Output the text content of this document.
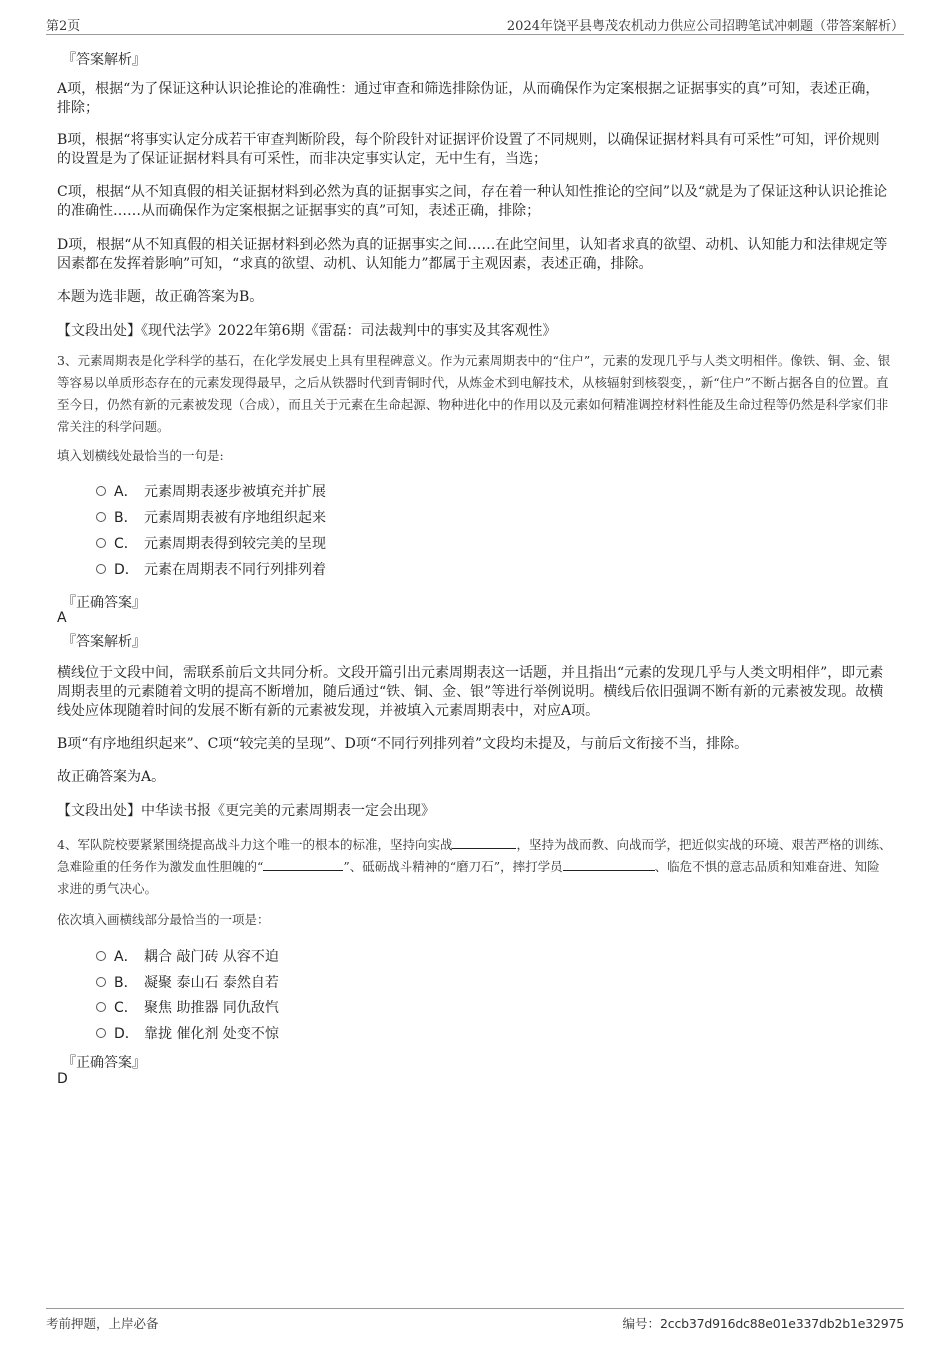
第2页	2024年饶平县粤茂农机动力供应公司招聘笔试冲刺题（带答案解析）
『答案解析』
A项，根据“为了保证这种认识论推论的准确性：通过审查和筛选排除伪证，从而确保作为定案根据之证据事实的真”可知，表述正确，排除；
B项，根据“将事实认定分成若干审查判断阶段，每个阶段针对证据评价设置了不同规则，以确保证据材料具有可采性”可知，评价规则的设置是为了保证证据材料具有可采性，而非决定事实认定，无中生有，当选；
C项，根据“从不知真假的相关证据材料到必然为真的证据事实之间，存在着一种认知性推论的空间”以及“就是为了保证这种认识论推论的准确性……从而确保作为定案根据之证据事实的真”可知，表述正确，排除；
D项，根据“从不知真假的相关证据材料到必然为真的证据事实之间……在此空间里，认知者求真的欲望、动机、认知能力和法律规定等因素都在发挥着影响”可知，“求真的欲望、动机、认知能力”都属于主观因素，表述正确，排除。
本题为选非题，故正确答案为B。
【文段出处】《现代法学》2022年第6期《雷磊：司法裁判中的事实及其客观性》
3、元素周期表是化学科学的基石，在化学发展史上具有里程碑意义。作为元素周期表中的“住户”，元素的发现几乎与人类文明相伴。像铁、铜、金、银等容易以单质形态存在的元素发现得最早，之后从铁器时代到青铜时代，从炼金术到电解技术，从核辐射到核裂变，，新“住户”不断占据各自的位置。直至今日，仍然有新的元素被发现（合成），而且关于元素在生命起源、物种进化中的作用以及元素如何精准调控材料性能及生命过程等仍然是科学家们非常关注的科学问题。
填入划横线处最恰当的一句是:
A． 元素周期表逐步被填充并扩展
B． 元素周期表被有序地组织起来
C． 元素周期表得到较完美的呈现
D． 元素在周期表不同行列排列着
『正确答案』
A
『答案解析』
横线位于文段中间，需联系前后文共同分析。文段开篇引出元素周期表这一话题，并且指出“元素的发现几乎与人类文明相伴”，即元素周期表里的元素随着文明的提高不断增加，随后通过“铁、铜、金、银”等进行举例说明。横线后依旧强调不断有新的元素被发现。故横线处应体现随着时间的发展不断有新的元素被发现，并被填入元素周期表中，对应A项。
B项“有序地组织起来”、C项“较完美的呈现”、D项“不同行列排列着”文段均未提及，与前后文衔接不当，排除。
故正确答案为A。
【文段出处】中华读书报《更完美的元素周期表一定会出现》
4、军队院校要紧紧围绕提高战斗力这个唯一的根本的标准，坚持向实战	，坚持为战而教、向战而学，把近似实战的环境、艰苦严格的训练、急难险重的任务作为激发血性胆魄的“	”、砥砺战斗精神的“磨刀石”，摔打学员	、临危不惧的意志品质和知难奋进、知险求进的勇气决心。
依次填入画横线部分最恰当的一项是：
A． 耦合 敲门砖 从容不迫
B． 凝聚 泰山石 泰然自若
C． 聚焦 助推器 同仇敌忾
D． 靠拢 催化剂 处变不惊
『正确答案』
D
考前押题，上岸必备	编号：2ccb37d916dc88e01e337db2b1e32975
